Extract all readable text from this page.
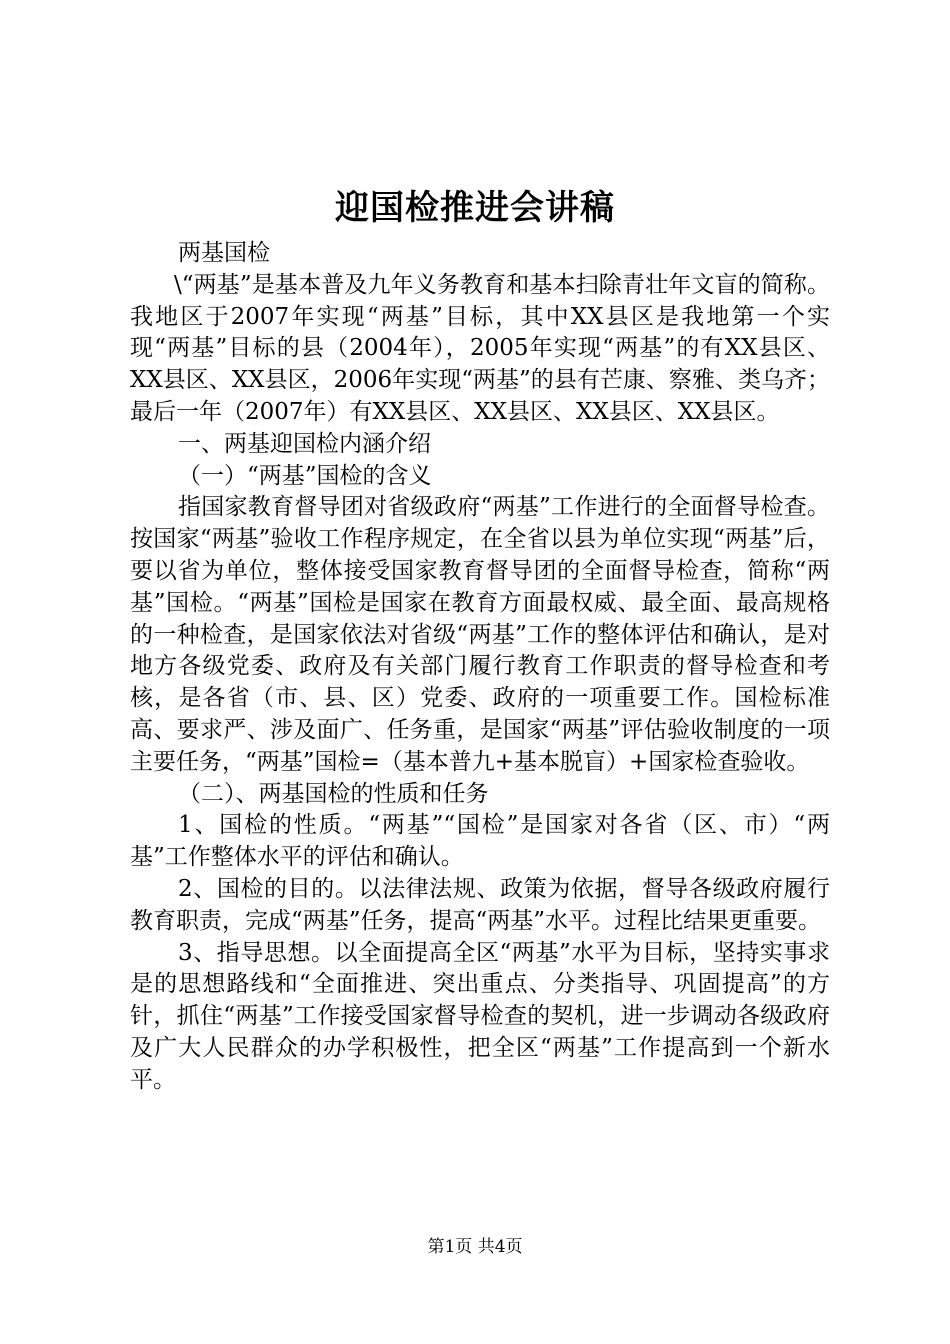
迎国检推进会讲稿

两基国检

\“两基”是基本普及九年义务教育和基本扫除青壮年文盲的简称。我地区于2007年实现“两基”目标，其中XX县区是我地第一个实现“两基”目标的县（2004年），2005年实现“两基”的有XX县区、XX县区、XX县区，2006年实现“两基”的县有芒康、察雅、类乌齐；最后一年（2007年）有XX县区、XX县区、XX县区、XX县区。

一、两基迎国检内涵介绍

（一）“两基”国检的含义

指国家教育督导团对省级政府“两基”工作进行的全面督导检查。按国家“两基”验收工作程序规定，在全省以县为单位实现“两基”后，要以省为单位，整体接受国家教育督导团的全面督导检查，简称“两基”国检。“两基”国检是国家在教育方面最权威、最全面、最高规格的一种检查，是国家依法对省级“两基”工作的整体评估和确认，是对地方各级党委、政府及有关部门履行教育工作职责的督导检查和考核，是各省（市、县、区）党委、政府的一项重要工作。国检标准高、要求严、涉及面广、任务重，是国家“两基”评估验收制度的一项主要任务，“两基”国检=（基本普九+基本脱盲）+国家检查验收。

（二）、两基国检的性质和任务

1、国检的性质。“两基”“国检”是国家对各省（区、市）“两基”工作整体水平的评估和确认。

2、国检的目的。以法律法规、政策为依据，督导各级政府履行教育职责，完成“两基”任务，提高“两基”水平。过程比结果更重要。

3、指导思想。以全面提高全区“两基”水平为目标，坚持实事求是的思想路线和“全面推进、突出重点、分类指导、巩固提高”的方针，抓住“两基”工作接受国家督导检查的契机，进一步调动各级政府及广大人民群众的办学积极性，把全区“两基”工作提高到一个新水平。

第1页 共4页
